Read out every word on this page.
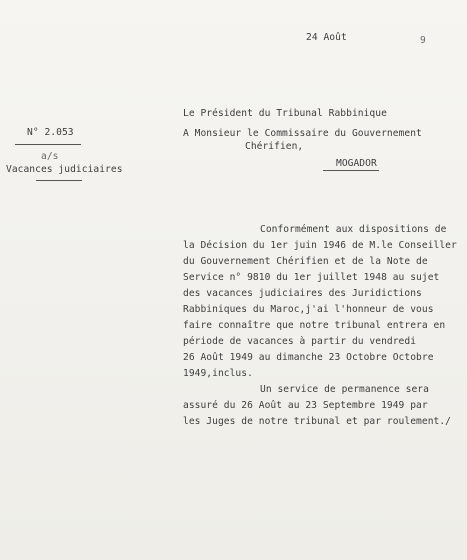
24 Août	9
Le Président du Tribunal Rabbinique
N° 2.053
a/s
Vacances judiciaires
A Monsieur le Commissaire du Gouvernement
Chérifien,
MOGADOR
Conformément aux dispositions de
la Décision du 1er juin 1946 de M.le Conseiller
du Gouvernement Chérifien et de la Note de
Service n° 9810 du 1er juillet 1948 au sujet
des vacances judiciaires des Juridictions
Rabbiniques du Maroc,j'ai l'honneur de vous
faire connaître que notre tribunal entrera en
période de vacances à partir du vendredi
26 Août 1949 au dimanche 23 Octobre Octobre
1949,inclus.
Un service de permanence sera
assuré du 26 Août au 23 Septembre 1949 par
les Juges de notre tribunal et par roulement./
